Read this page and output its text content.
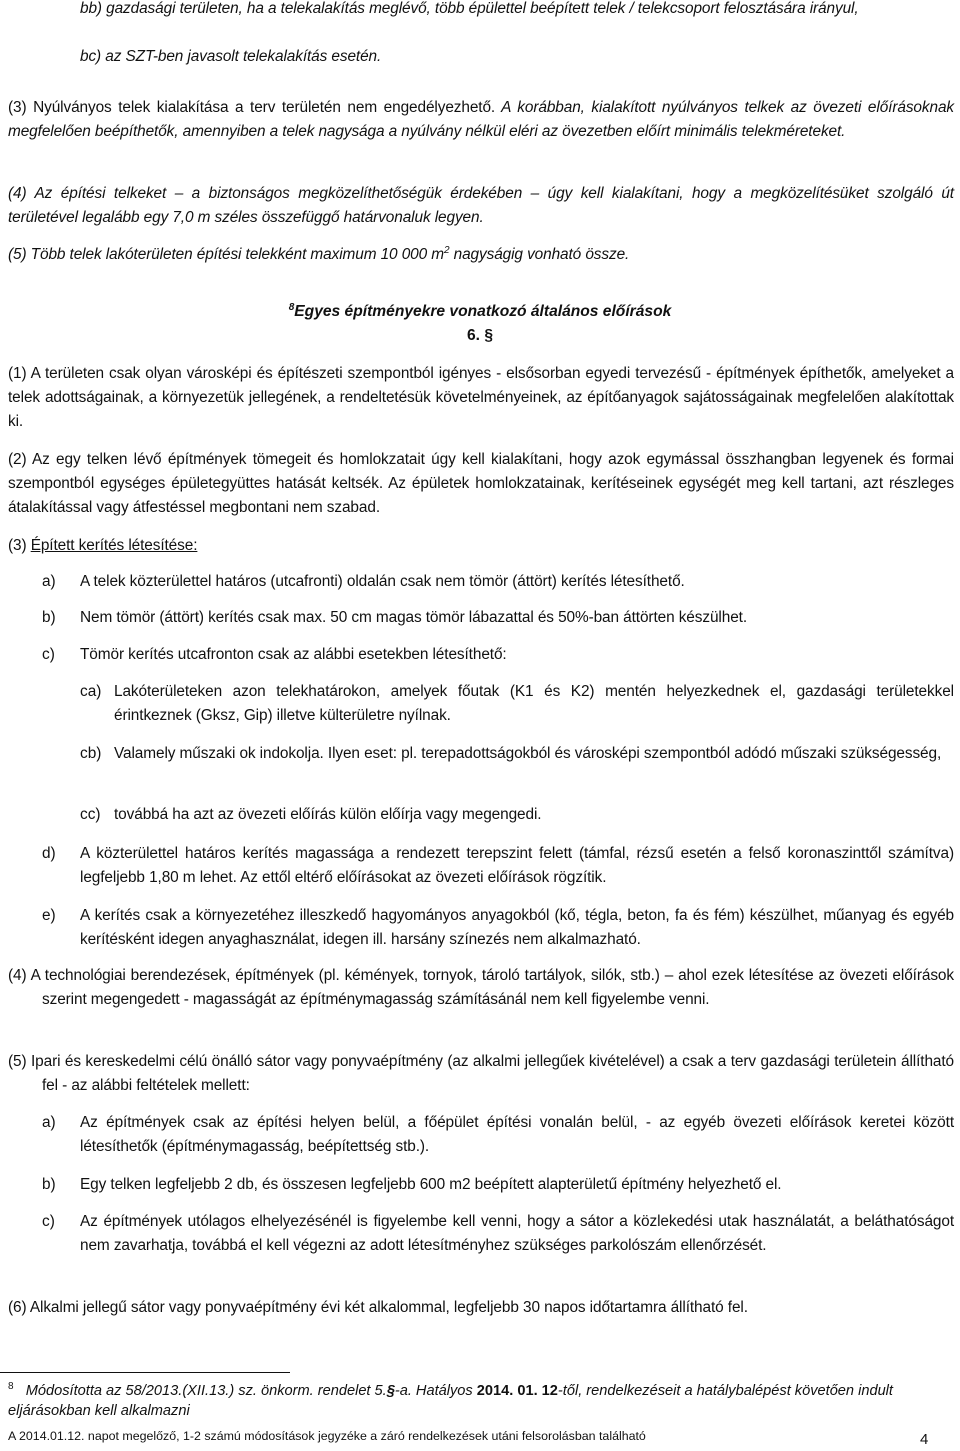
bb) gazdasági területen, ha a telekalakítás meglévő, több épülettel beépített telek / telekcsoport felosztására irányul,

bc) az SZT-ben javasolt telekalakítás esetén.

(3) Nyúlványos telek kialakítása a terv területén nem engedélyezhető. A korábban, kialakított nyúlványos telkek az övezeti előírásoknak megfelelően beépíthetők, amennyiben a telek nagysága a nyúlvány nélkül eléri az övezetben előírt minimális telekméreteket.

(4) Az építési telkeket – a biztonságos megközelíthetőségük érdekében – úgy kell kialakítani, hogy a megközelítésüket szolgáló út területével legalább egy 7,0 m széles összefüggő határvonaluk legyen.

(5) Több telek lakóterületen építési telekként maximum 10 000 $m^2$ nagyságig vonható össze.

$^8$Egyes építményekre vonatkozó általános előírások
6. §

(1) A területen csak olyan városképi és építészeti szempontból igényes - elsősorban egyedi tervezésű - építmények építhetők, amelyeket a telek adottságainak, a környezetük jellegének, a rendeltetésük követelményeinek, az építőanyagok sajátosságainak megfelelően alakítottak ki.

(2) Az egy telken lévő építmények tömegeit és homlokzatait úgy kell kialakítani, hogy azok egymással összhangban legyenek és formai szempontból egységes épületegyüttes hatását keltsék. Az épületek homlokzatainak, kerítéseinek egységét meg kell tartani, azt részleges átalakítással vagy átfestéssel megbontani nem szabad.

(3) Épített kerítés létesítése:

a) A telek közterülettel határos (utcafronti) oldalán csak nem tömör (áttört) kerítés létesíthető.

b) Nem tömör (áttört) kerítés csak max. 50 cm magas tömör lábazattal és 50%-ban áttörten készülhet.

c) Tömör kerítés utcafronton csak az alábbi esetekben létesíthető:

ca) Lakóterületeken azon telekhatárokon, amelyek főutak (K1 és K2) mentén helyezkednek el, gazdasági területekkel érintkeznek (Gksz, Gip) illetve külterületre nyílnak.

cb) Valamely műszaki ok indokolja. Ilyen eset: pl. terepadottságokból és városképi szempontból adódó műszaki szükségesség,

cc) továbbá ha azt az övezeti előírás külön előírja vagy megengedi.

d) A közterülettel határos kerítés magassága a rendezett terepszint felett (támfal, rézsű esetén a felső koronaszinttől számítva) legfeljebb 1,80 m lehet. Az ettől eltérő előírásokat az övezeti előírások rögzítik.

e) A kerítés csak a környezetéhez illeszkedő hagyományos anyagokból (kő, tégla, beton, fa és fém) készülhet, műanyag és egyéb kerítésként idegen anyaghasználat, idegen ill. harsány színezés nem alkalmazható.

(4) A technológiai berendezések, építmények (pl. kémények, tornyok, tároló tartályok, silók, stb.) – ahol ezek létesítése az övezeti előírások szerint megengedett - magasságát az építménymagasság számításánál nem kell figyelembe venni.

(5) Ipari és kereskedelmi célú önálló sátor vagy ponyvaépítmény (az alkalmi jellegűek kivételével) a csak a terv gazdasági területein állítható fel - az alábbi feltételek mellett:

a) Az építmények csak az építési helyen belül, a főépület építési vonalán belül, - az egyéb övezeti előírások keretei között létesíthetők (építménymagasság, beépítettség stb.).

b) Egy telken legfeljebb 2 db, és összesen legfeljebb 600 m2 beépített alapterületű építmény helyezhető el.

c) Az építmények utólagos elhelyezésénél is figyelembe kell venni, hogy a sátor a közlekedési utak használatát, a beláthatóságot nem zavarhatja, továbbá el kell végezni az adott létesítményhez szükséges parkolószám ellenőrzését.

(6) Alkalmi jellegű sátor vagy ponyvaépítmény évi két alkalommal, legfeljebb 30 napos időtartamra állítható fel.

$^8$ Módosította az 58/2013.(XII.13.) sz. önkorm. rendelet 5.§-a. Hatályos 2014. 01. 12-től, rendelkezéseit a hatálybalépést követően indult eljárásokban kell alkalmazni
A 2014.01.12. napot megelőző, 1-2 számú módosítások jegyzéke a záró rendelkezések utáni felsorolásban található	4
